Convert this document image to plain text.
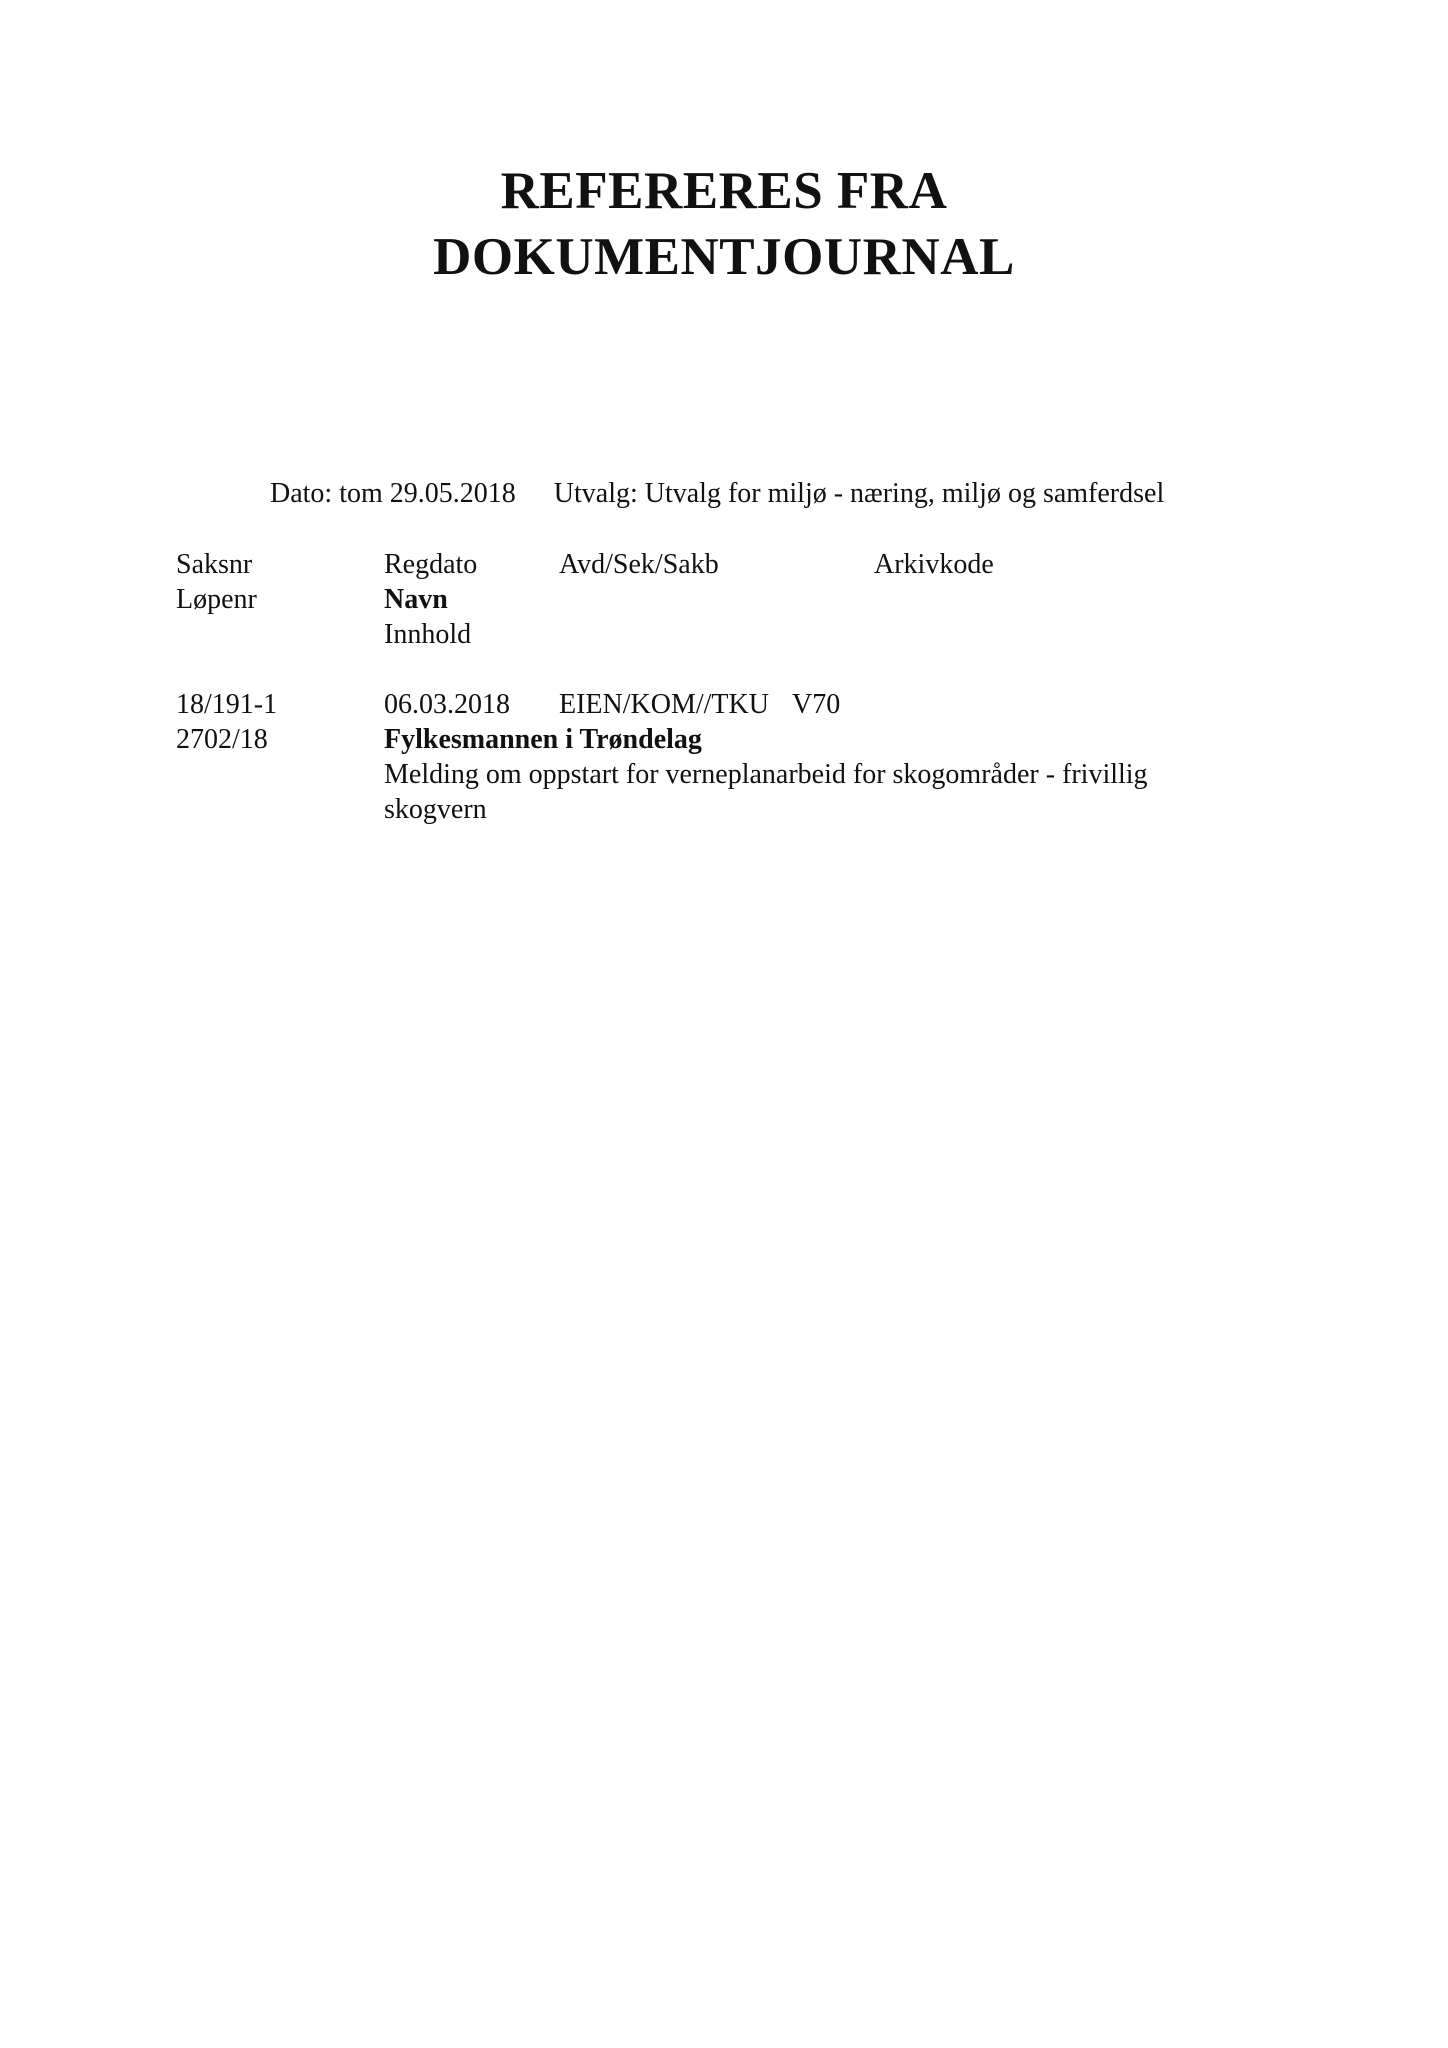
REFERERES FRA
DOKUMENTJOURNAL
Dato: tom 29.05.2018 Utvalg: Utvalg for miljø - næring, miljø og samferdsel
Saksnr	Regdato	Avd/Sek/Sakb	Arkivkode
Løpenr	Navn
Innhold
18/191-1	06.03.2018 EIEN/KOM//TKU V70
2702/18	Fylkesmannen i Trøndelag
Melding om oppstart for verneplanarbeid for skogområder - frivillig skogvern
